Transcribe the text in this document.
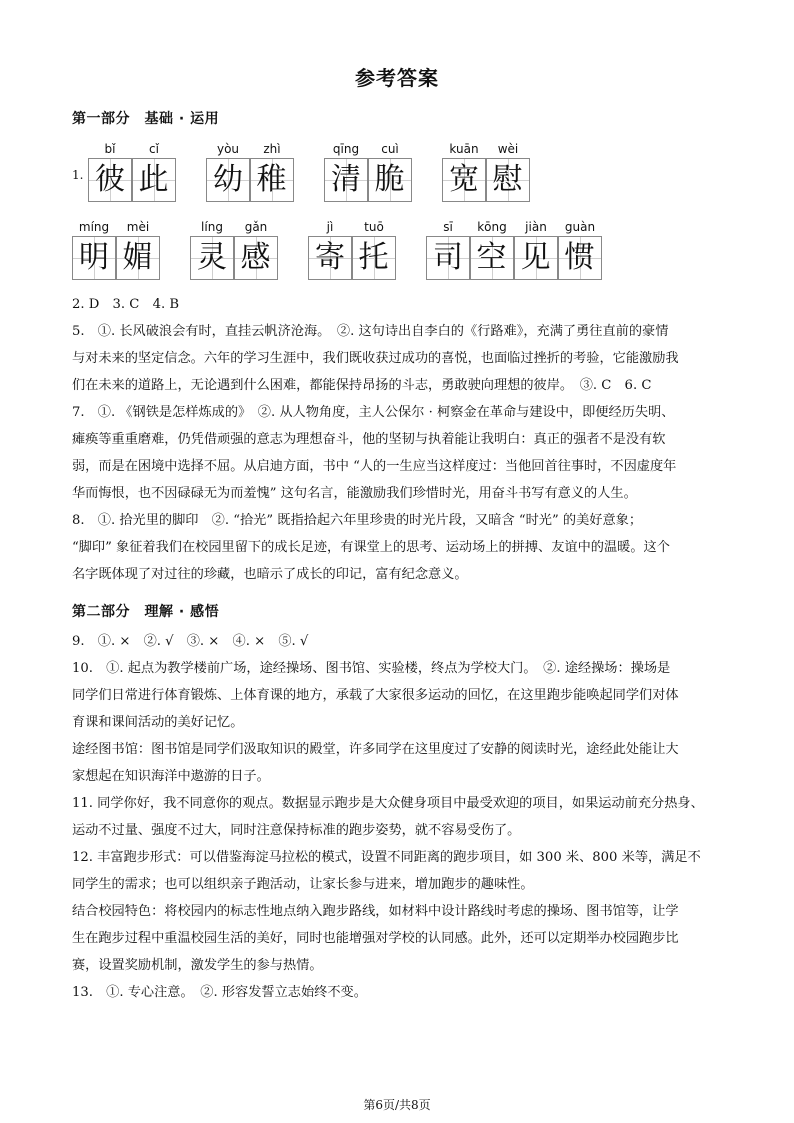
参考答案
第一部分　基础 · 运用
1.
bǐ
彼
cǐ
此
yòu
幼
zhì
稚
qīng
清
cuì
脆
kuān
宽
wèi
慰
míng
明
mèi
媚
líng
灵
gǎn
感
jì
寄
tuō
托
sī
司
kōng
空
jiàn
见
guàn
惯
2. D　3. C　4. B
5.　①. 长风破浪会有时，直挂云帆济沧海。　②. 这句诗出自李白的《行路难》，充满了勇往直前的豪情
与对未来的坚定信念。六年的学习生涯中，我们既收获过成功的喜悦，也面临过挫折的考验，它能激励我
们在未来的道路上，无论遇到什么困难，都能保持昂扬的斗志，勇敢驶向理想的彼岸。　③. C　6. C
7.　①. 《钢铁是怎样炼成的》　②. 从人物角度，主人公保尔 · 柯察金在革命与建设中，即便经历失明、
瘫痪等重重磨难，仍凭借顽强的意志为理想奋斗，他的坚韧与执着能让我明白：真正的强者不是没有软
弱，而是在困境中选择不屈。从启迪方面，书中 “人的一生应当这样度过：当他回首往事时，不因虚度年
华而悔恨，也不因碌碌无为而羞愧” 这句名言，能激励我们珍惜时光，用奋斗书写有意义的人生。
8.　①. 拾光里的脚印　②. “拾光” 既指拾起六年里珍贵的时光片段，又暗含 “时光” 的美好意象；
“脚印” 象征着我们在校园里留下的成长足迹，有课堂上的思考、运动场上的拼搏、友谊中的温暖。这个
名字既体现了对过往的珍藏，也暗示了成长的印记，富有纪念意义。
9.　①. ×　②. √　③. ×　④. ×　⑤. √
10.　①. 起点为教学楼前广场，途经操场、图书馆、实验楼，终点为学校大门。　②. 途经操场：操场是
同学们日常进行体育锻炼、上体育课的地方，承载了大家很多运动的回忆，在这里跑步能唤起同学们对体
育课和课间活动的美好记忆。
途经图书馆：图书馆是同学们汲取知识的殿堂，许多同学在这里度过了安静的阅读时光，途经此处能让大
家想起在知识海洋中遨游的日子。
11. 同学你好，我不同意你的观点。数据显示跑步是大众健身项目中最受欢迎的项目，如果运动前充分热身、
运动不过量、强度不过大，同时注意保持标准的跑步姿势，就不容易受伤了。
12. 丰富跑步形式：可以借鉴海淀马拉松的模式，设置不同距离的跑步项目，如 300 米、800 米等，满足不
同学生的需求；也可以组织亲子跑活动，让家长参与进来，增加跑步的趣味性。
结合校园特色：将校园内的标志性地点纳入跑步路线，如材料中设计路线时考虑的操场、图书馆等，让学
生在跑步过程中重温校园生活的美好，同时也能增强对学校的认同感。此外，还可以定期举办校园跑步比
赛，设置奖励机制，激发学生的参与热情。
13.　①. 专心注意。　②. 形容发誓立志始终不变。
第二部分　理解 · 感悟
第6页/共8页
